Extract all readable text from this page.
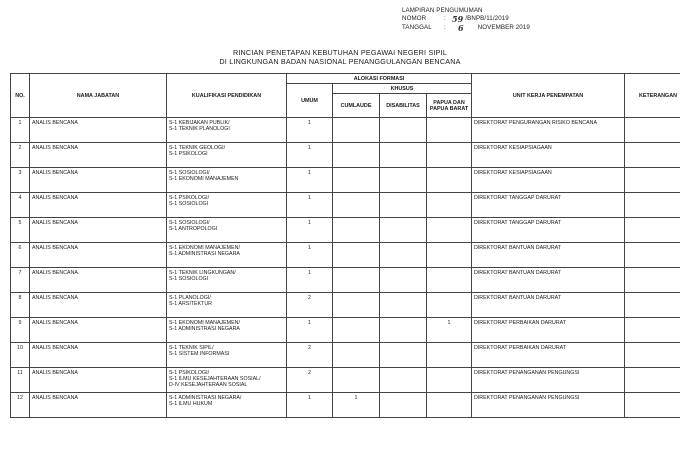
LAMPIRAN PENGUMUMAN
NOMOR	: 59 /BNPB/11/2019
TANGGAL	:	6 NOVEMBER 2019
RINCIAN PENETAPAN KEBUTUHAN PEGAWAI NEGERI SIPIL
DI LINGKUNGAN BADAN NASIONAL PENANGGULANGAN BENCANA
NO.	NAMA JABATAN	KUALIFIKASI PENDIDIKAN	ALOKASI FORMASI				UNIT KERJA PENEMPATAN	KETERANGAN
			UMUM	KHUSUS				
				CUMLAUDE	DISABILITAS	PAPUA DAN PAPUA BARAT		
1	ANALIS BENCANA	S-1 KEBIJAKAN PUBLIK/
S-1 TEKNIK PLANOLOGI	1				DIREKTORAT PENGURANGAN RISIKO BENCANA	
2	ANALIS BENCANA	S-1 TEKNIK GEOLOGI/
S-1 PSIKOLOGI	1				DIREKTORAT KESIAPSIAGAAN	
3	ANALIS BENCANA	S-1 SOSIOLOGI/
S-1 EKONOMI MANAJEMEN	1				DIREKTORAT KESIAPSIAGAAN	
4	ANALIS BENCANA	S-1 PSIKOLOGI/
S-1 SOSIOLOGI	1				DIREKTORAT TANGGAP DARURAT	
5	ANALIS BENCANA	S-1 SOSIOLOGI/
S-1 ANTROPOLOGI	1				DIREKTORAT TANGGAP DARURAT	
6	ANALIS BENCANA	S-1 EKONOMI MANAJEMEN/
S-1 ADMINISTRASI NEGARA	1				DIREKTORAT BANTUAN DARURAT	
7	ANALIS BENCANA	S-1 TEKNIK LINGKUNGAN/
S-1 SOSIOLOGI	1				DIREKTORAT BANTUAN DARURAT	
8	ANALIS BENCANA	S-1 PLANOLOGI/
S-1 ARSITEKTUR	2				DIREKTORAT BANTUAN DARURAT	
9	ANALIS BENCANA	S-1 EKONOMI MANAJEMEN/
S-1 ADMINISTRASI NEGARA	1			1	DIREKTORAT PERBAIKAN DARURAT	
10	ANALIS BENCANA	S-1 TEKNIK SIPIL/
S-1 SISTEM INFORMASI	2				DIREKTORAT PERBAIKAN DARURAT	
11	ANALIS BENCANA	S-1 PSIKOLOGI/
S-1 ILMU KESEJAHTERAAN SOSIAL/
D-IV KESEJAHTERAAN SOSIAL	2				DIREKTORAT PENANGANAN PENGUNGSI	
12	ANALIS BENCANA	S-1 ADMINISTRASI NEGARA/
S-1 ILMU HUKUM	1	1			DIREKTORAT PENANGANAN PENGUNGSI	
